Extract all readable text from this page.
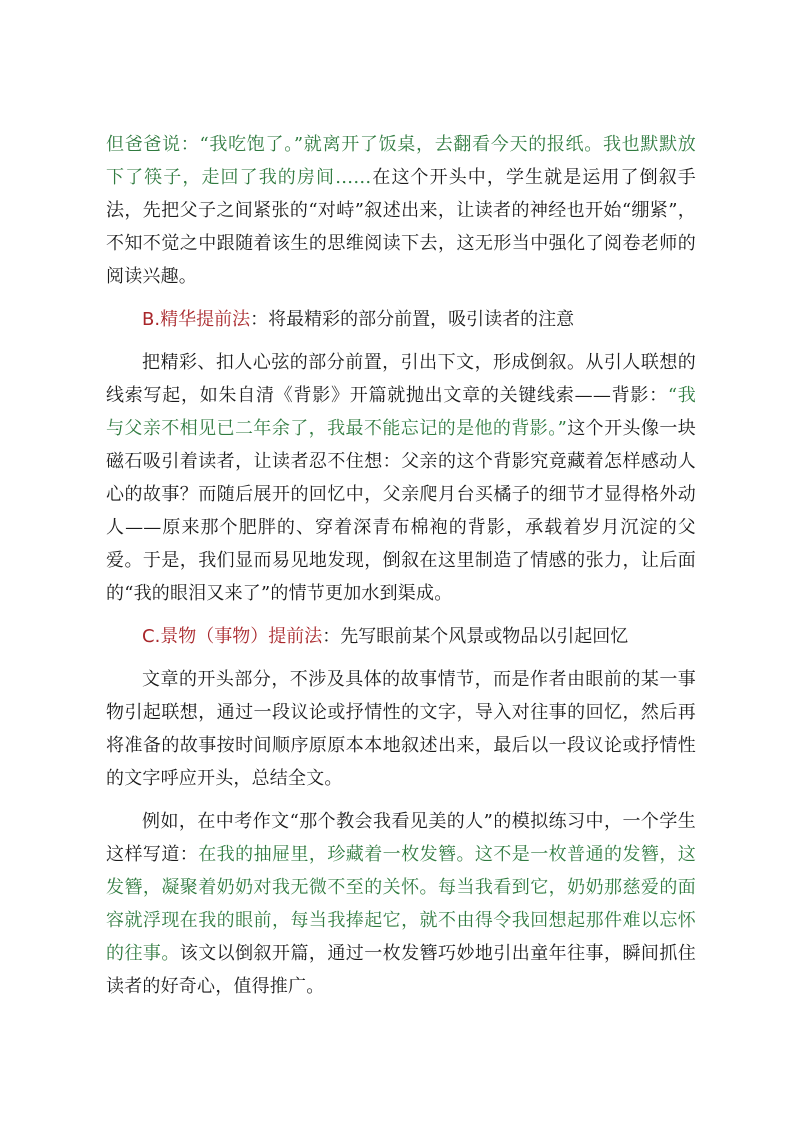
但爸爸说：“我吃饱了。”就离开了饭桌，去翻看今天的报纸。我也默默放下了筷子，走回了我的房间……在这个开头中，学生就是运用了倒叙手法，先把父子之间紧张的“对峙”叙述出来，让读者的神经也开始“绷紧”，不知不觉之中跟随着该生的思维阅读下去，这无形当中强化了阅卷老师的阅读兴趣。

B.精华提前法：将最精彩的部分前置，吸引读者的注意

把精彩、扣人心弦的部分前置，引出下文，形成倒叙。从引人联想的线索写起，如朱自清《背影》开篇就抛出文章的关键线索——背影：“我与父亲不相见已二年余了，我最不能忘记的是他的背影。”这个开头像一块磁石吸引着读者，让读者忍不住想：父亲的这个背影究竟藏着怎样感动人心的故事？而随后展开的回忆中，父亲爬月台买橘子的细节才显得格外动人——原来那个肥胖的、穿着深青布棉袍的背影，承载着岁月沉淀的父爱。于是，我们显而易见地发现，倒叙在这里制造了情感的张力，让后面的“我的眼泪又来了”的情节更加水到渠成。

C.景物（事物）提前法：先写眼前某个风景或物品以引起回忆

文章的开头部分，不涉及具体的故事情节，而是作者由眼前的某一事物引起联想，通过一段议论或抒情性的文字，导入对往事的回忆，然后再将准备的故事按时间顺序原原本本地叙述出来，最后以一段议论或抒情性的文字呼应开头，总结全文。

例如，在中考作文“那个教会我看见美的人”的模拟练习中，一个学生这样写道：在我的抽屉里，珍藏着一枚发簪。这不是一枚普通的发簪，这发簪，凝聚着奶奶对我无微不至的关怀。每当我看到它，奶奶那慈爱的面容就浮现在我的眼前，每当我捧起它，就不由得令我回想起那件难以忘怀的往事。该文以倒叙开篇，通过一枚发簪巧妙地引出童年往事，瞬间抓住读者的好奇心，值得推广。
